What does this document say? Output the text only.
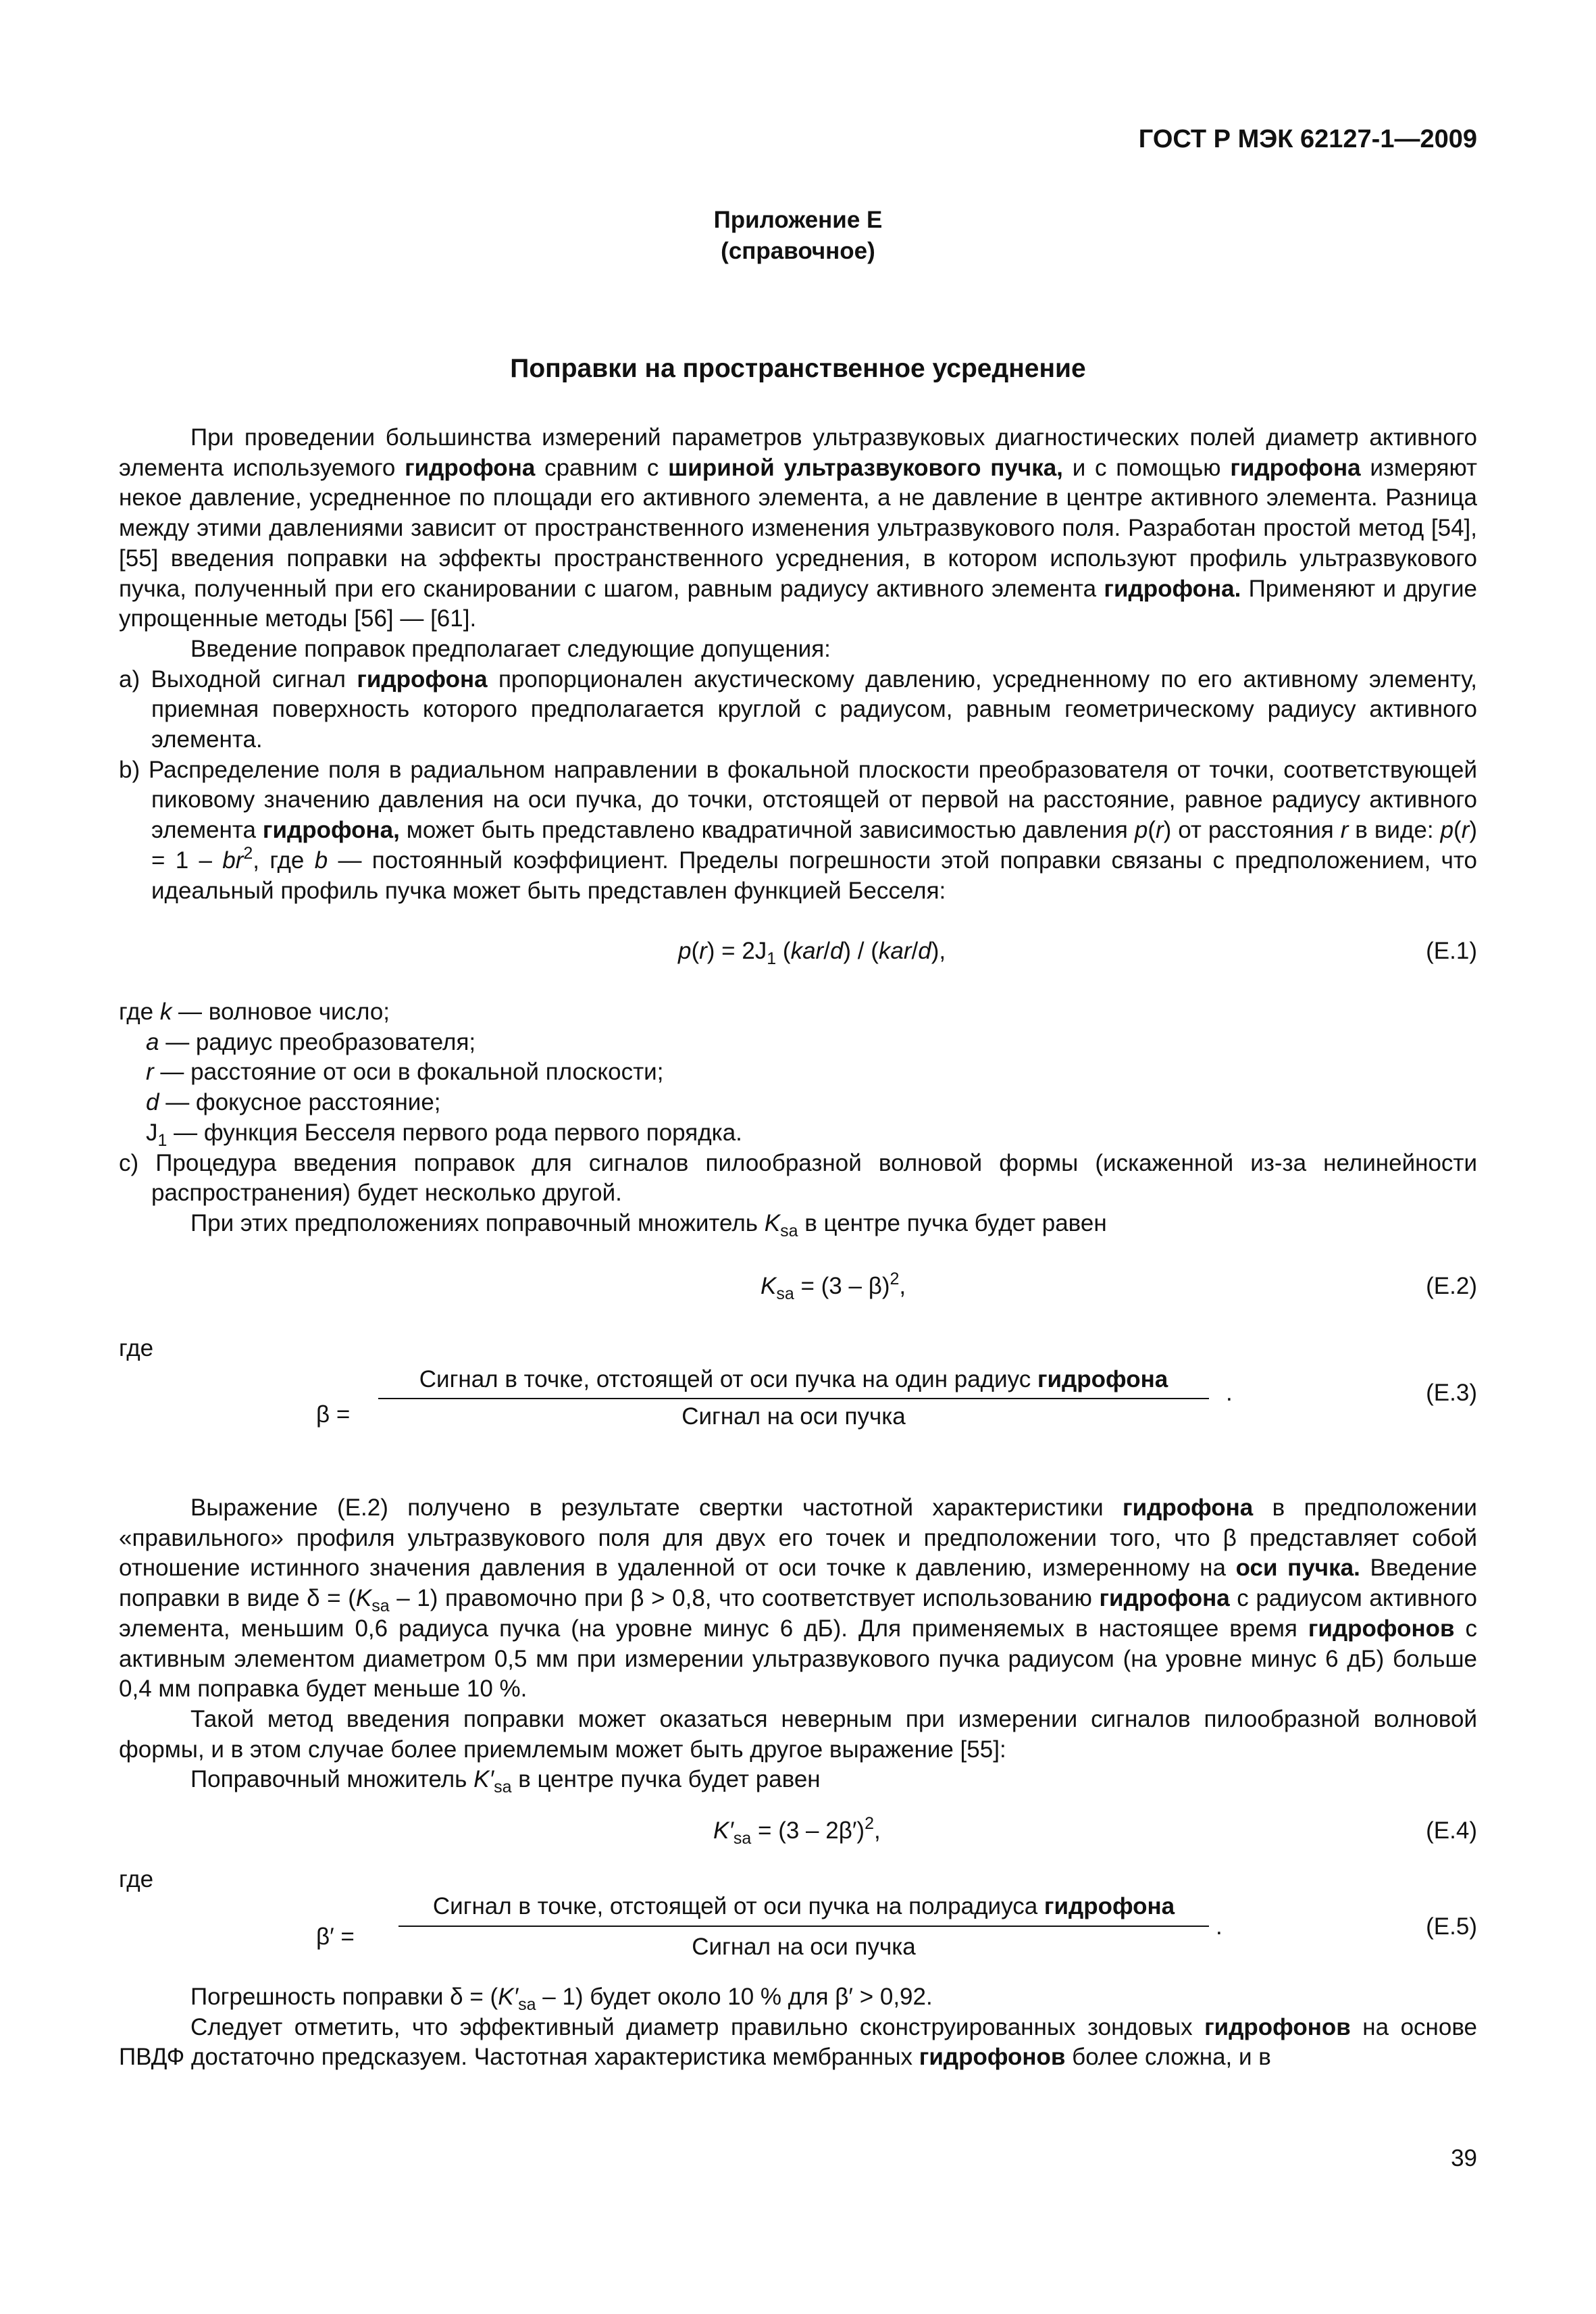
ГОСТ Р МЭК 62127-1—2009
Приложение Е
(справочное)
Поправки на пространственное усреднение

При проведении большинства измерений параметров ультразвуковых диагностических полей диаметр активного элемента используемого гидрофона сравним с шириной ультразвукового пучка, и с помощью гидрофона измеряют некое давление, усредненное по площади его активного элемента, а не давление в центре активного элемента. Разница между этими давлениями зависит от пространственного изменения ультразвукового поля. Разработан простой метод [54], [55] введения поправки на эффекты пространственного усреднения, в котором используют профиль ультразвукового пучка, полученный при его сканировании с шагом, равным радиусу активного элемента гидрофона. Применяют и другие упрощенные методы [56] — [61].

Введение поправок предполагает следующие допущения:

а) Выходной сигнал гидрофона пропорционален акустическому давлению, усредненному по его активному элементу, приемная поверхность которого предполагается круглой с радиусом, равным геометрическому радиусу активного элемента.

b) Распределение поля в радиальном направлении в фокальной плоскости преобразователя от точки, соответствующей пиковому значению давления на оси пучка, до точки, отстоящей от первой на расстояние, равное радиусу активного элемента гидрофона, может быть представлено квадратичной зависимостью давления p(r) от расстояния r в виде: $p(r) = 1 - br^2$, где b — постоянный коэффициент. Пределы погрешности этой поправки связаны с предположением, что идеальный профиль пучка может быть представлен функцией Бесселя:

$p(r) = 2J_1$ (kar/d) / (kar/d),	(Е.1)

где k — волновое число;

a — радиус преобразователя;

r — расстояние от оси в фокальной плоскости;

d — фокусное расстояние;

$J_1$ — функция Бесселя первого рода первого порядка.

с) Процедура введения поправок для сигналов пилообразной волновой формы (искаженной из-за нелинейности распространения) будет несколько другой.

При этих предположениях поправочный множитель $K_{sa}$ в центре пучка будет равен

$K_{sa} = (3 - \beta)^2$,	(Е.2)
где
β =
Сигнал в точке, отстоящей от оси пучка на один радиус гидрофона
Сигнал на оси пучка
.	(Е.3)

Выражение (Е.2) получено в результате свертки частотной характеристики гидрофона в предположении «правильного» профиля ультразвукового поля для двух его точек и предположении того, что β представляет собой отношение истинного значения давления в удаленной от оси точке к давлению, измеренному на оси пучка. Введение поправки в виде $\delta = (K_{sa} - 1)$ правомочно при β > 0,8, что соответствует использованию гидрофона с радиусом активного элемента, меньшим 0,6 радиуса пучка (на уровне минус 6 дБ). Для применяемых в настоящее время гидрофонов с активным элементом диаметром 0,5 мм при измерении ультразвукового пучка радиусом (на уровне минус 6 дБ) больше 0,4 мм поправка будет меньше 10 %.

Такой метод введения поправки может оказаться неверным при измерении сигналов пилообразной волновой формы, и в этом случае более приемлемым может быть другое выражение [55]:

Поправочный множитель $K'_{sa}$ в центре пучка будет равен

$K'_{sa} = (3 - 2\beta')^2$,	(Е.4)
где
β′ =
Сигнал в точке, отстоящей от оси пучка на полрадиуса гидрофона
Сигнал на оси пучка
.	(Е.5)

Погрешность поправки $\delta = (K'_{sa} - 1)$ будет около 10 % для β′ > 0,92.

Следует отметить, что эффективный диаметр правильно сконструированных зондовых гидрофонов на основе ПВДФ достаточно предсказуем. Частотная характеристика мембранных гидрофонов более сложна, и в

39
